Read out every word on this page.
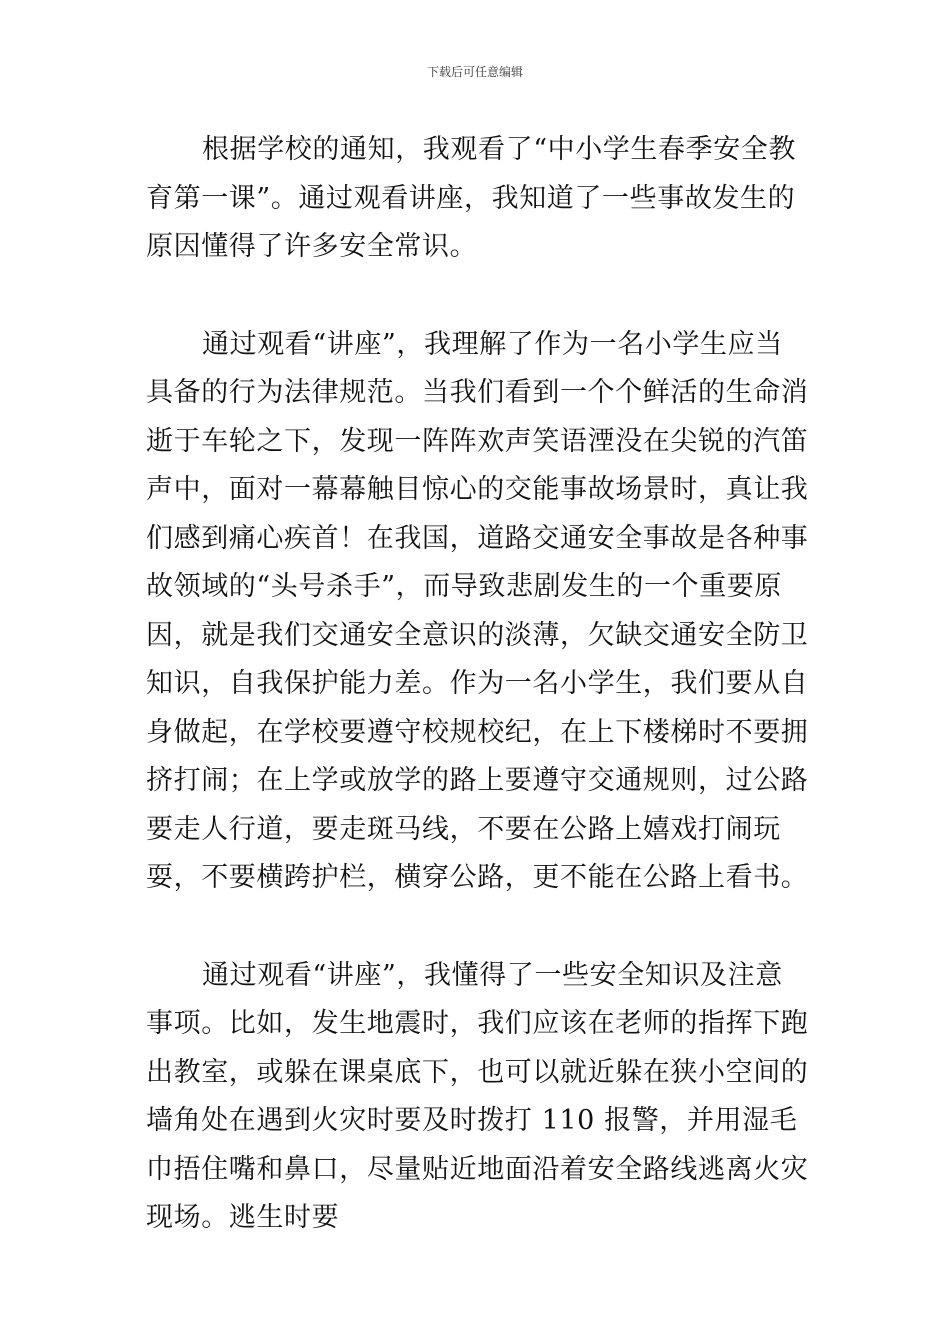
下载后可任意编辑

根据学校的通知，我观看了“中小学生春季安全教育第一课”。通过观看讲座，我知道了一些事故发生的原因懂得了许多安全常识。

通过观看“讲座”，我理解了作为一名小学生应当具备的行为法律规范。当我们看到一个个鲜活的生命消逝于车轮之下，发现一阵阵欢声笑语湮没在尖锐的汽笛声中，面对一幕幕触目惊心的交能事故场景时，真让我们感到痛心疾首！在我国，道路交通安全事故是各种事故领域的“头号杀手”，而导致悲剧发生的一个重要原因，就是我们交通安全意识的淡薄，欠缺交通安全防卫知识，自我保护能力差。作为一名小学生，我们要从自身做起，在学校要遵守校规校纪，在上下楼梯时不要拥挤打闹；在上学或放学的路上要遵守交通规则，过公路要走人行道，要走斑马线，不要在公路上嬉戏打闹玩耍，不要横跨护栏，横穿公路，更不能在公路上看书。

通过观看“讲座”，我懂得了一些安全知识及注意事项。比如，发生地震时，我们应该在老师的指挥下跑出教室，或躲在课桌底下，也可以就近躲在狭小空间的墙角处在遇到火灾时要及时拨打 110 报警，并用湿毛巾捂住嘴和鼻口，尽量贴近地面沿着安全路线逃离火灾现场。逃生时要
